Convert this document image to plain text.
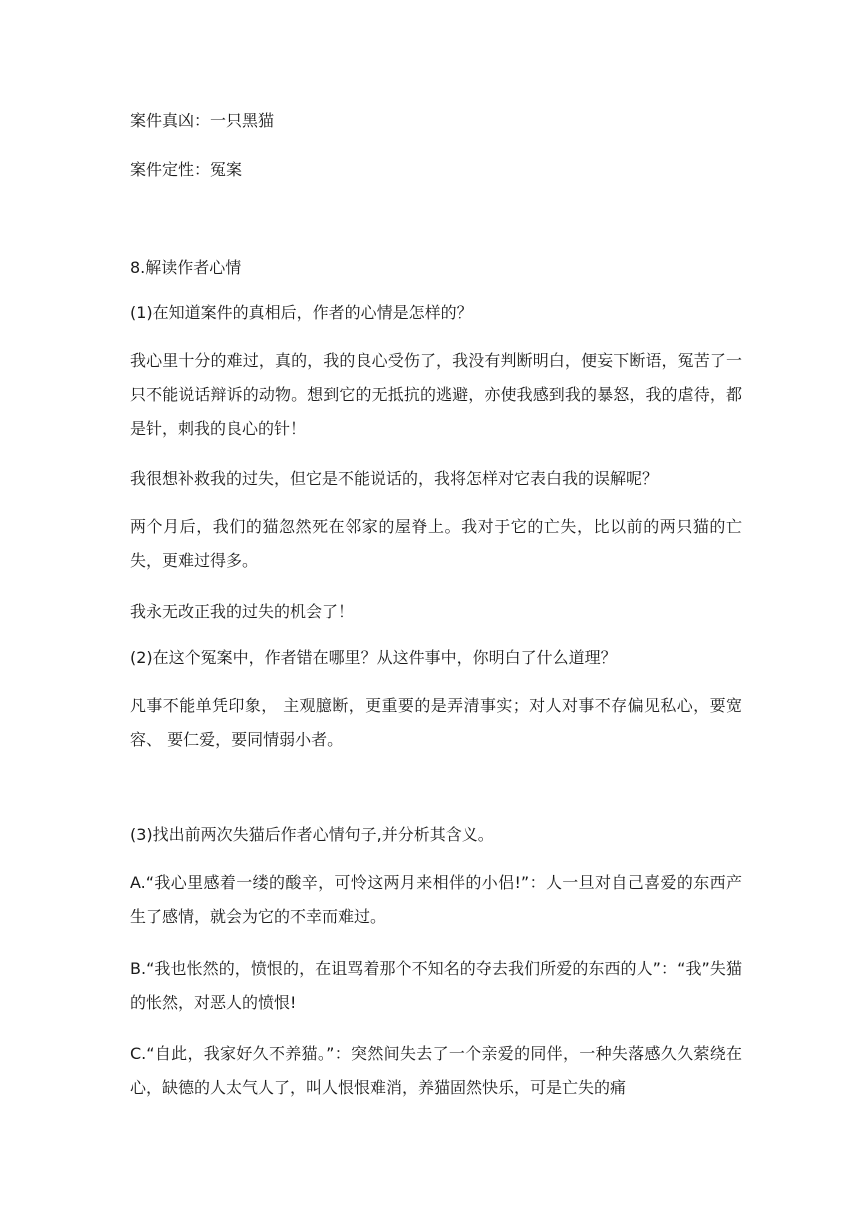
案件真凶：一只黑猫

案件定性：冤案

8.解读作者心情

(1)在知道案件的真相后，作者的心情是怎样的？

我心里十分的难过，真的，我的良心受伤了，我没有判断明白，便妄下断语，冤苦了一只不能说话辩诉的动物。想到它的无抵抗的逃避，亦使我感到我的暴怒，我的虐待，都是针，刺我的良心的针！

我很想补救我的过失，但它是不能说话的，我将怎样对它表白我的误解呢？

两个月后，我们的猫忽然死在邻家的屋脊上。我对于它的亡失，比以前的两只猫的亡失，更难过得多。

我永无改正我的过失的机会了！

(2)在这个冤案中，作者错在哪里？从这件事中，你明白了什么道理？

凡事不能单凭印象， 主观臆断，更重要的是弄清事实；对人对事不存偏见私心，要宽容、 要仁爱，要同情弱小者。

(3)找出前两次失猫后作者心情句子,并分析其含义。

A.“我心里感着一缕的酸辛，可怜这两月来相伴的小侣!”：人一旦对自己喜爱的东西产生了感情，就会为它的不幸而难过。

B.“我也怅然的，愤恨的，在诅骂着那个不知名的夺去我们所爱的东西的人”：“我”失猫的怅然，对恶人的愤恨!

C.“自此，我家好久不养猫。”：突然间失去了一个亲爱的同伴，一种失落感久久萦绕在心，缺德的人太气人了，叫人恨恨难消，养猫固然快乐，可是亡失的痛
